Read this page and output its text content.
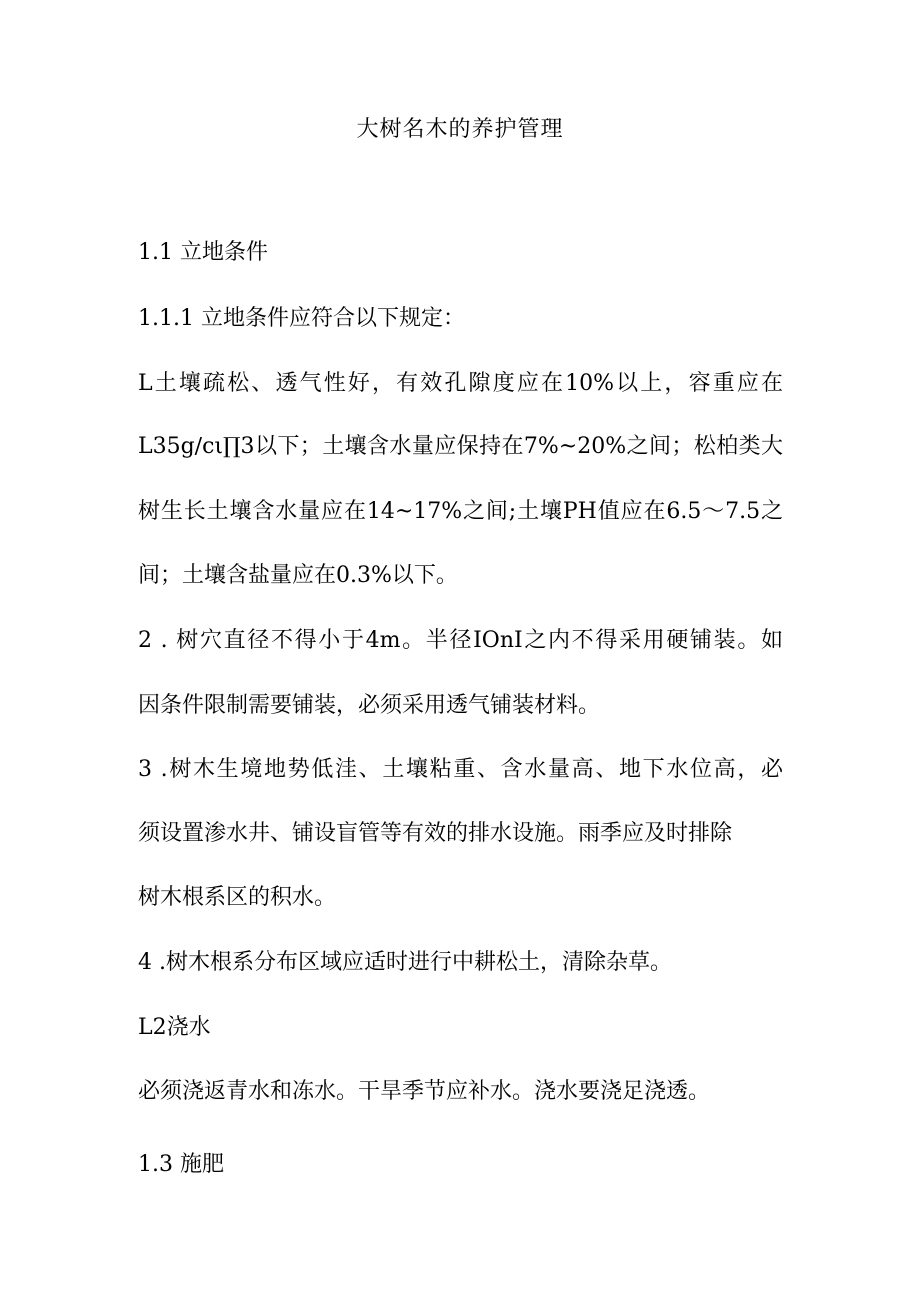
大树名木的养护管理
1.1 立地条件
1.1.1 立地条件应符合以下规定：
L土壤疏松、透气性好，有效孔隙度应在10%以上，容重应在
L35g∕cι∏3以下；土壤含水量应保持在7%~20%之间；松柏类大
树生长土壤含水量应在14~17%之间;土壤PH值应在6.5～7.5之
间；土壤含盐量应在0.3%以下。
2 . 树穴直径不得小于4m。半径IOnI之内不得采用硬铺装。如
因条件限制需要铺装，必须采用透气铺装材料。
3 .树木生境地势低洼、土壤粘重、含水量高、地下水位高，必
须设置渗水井、铺设盲管等有效的排水设施。雨季应及时排除
树木根系区的积水。
4 .树木根系分布区域应适时进行中耕松土，清除杂草。
L2浇水
必须浇返青水和冻水。干旱季节应补水。浇水要浇足浇透。
1.3 施肥
